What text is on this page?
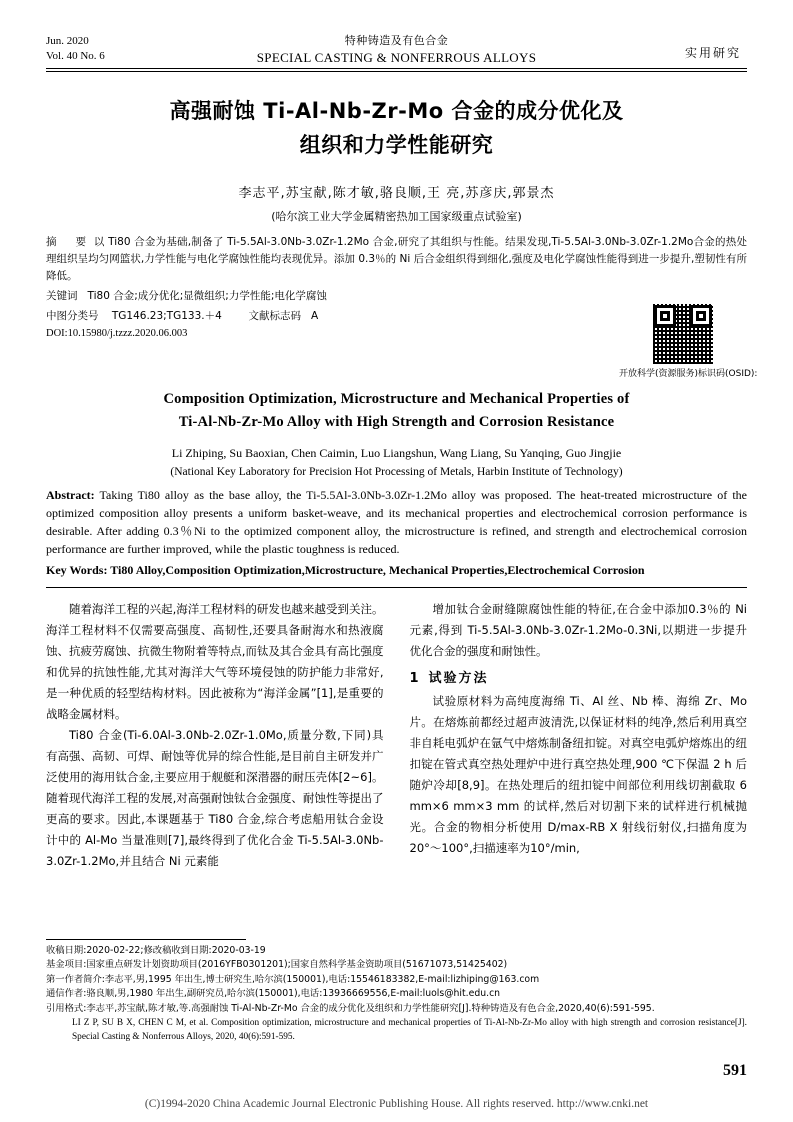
Jun. 2020
Vol. 40 No. 6
特种铸造及有色合金
SPECIAL CASTING & NONFERROUS ALLOYS	实用研究
高强耐蚀 Ti-Al-Nb-Zr-Mo 合金的成分优化及
组织和力学性能研究
李志平,苏宝献,陈才敏,骆良顺,王 亮,苏彦庆,郭景杰
(哈尔滨工业大学金属精密热加工国家级重点试验室)
摘　要 以 Ti80 合金为基础,制备了 Ti-5.5Al-3.0Nb-3.0Zr-1.2Mo 合金,研究了其组织与性能。结果发现,Ti-5.5Al-3.0Nb-3.0Zr-1.2Mo合金的热处理组织呈均匀网篮状,力学性能与电化学腐蚀性能均表现优异。添加 0.3％的 Ni 后合金组织得到细化,强度及电化学腐蚀性能得到进一步提升,塑韧性有所降低。
关键词 Ti80 合金;成分优化;显微组织;力学性能;电化学腐蚀
中图分类号 TG146.23;TG133.＋4	文献标志码 A
DOI:10.15980/j.tzzz.2020.06.003
开放科学(资源服务)标识码(OSID):
Composition Optimization, Microstructure and Mechanical Properties of
Ti-Al-Nb-Zr-Mo Alloy with High Strength and Corrosion Resistance
Li Zhiping, Su Baoxian, Chen Caimin, Luo Liangshun, Wang Liang, Su Yanqing, Guo Jingjie
(National Key Laboratory for Precision Hot Processing of Metals, Harbin Institute of Technology)
Abstract: Taking Ti80 alloy as the base alloy, the Ti-5.5Al-3.0Nb-3.0Zr-1.2Mo alloy was proposed. The heat-treated microstructure of the optimized composition alloy presents a uniform basket-weave, and its mechanical properties and electrochemical corrosion performance is desirable. After adding 0.3％Ni to the optimized component alloy, the microstructure is refined, and strength and electrochemical corrosion performance are further improved, while the plastic toughness is reduced.
Key Words: Ti80 Alloy,Composition Optimization,Microstructure, Mechanical Properties,Electrochemical Corrosion

随着海洋工程的兴起,海洋工程材料的研发也越来越受到关注。海洋工程材料不仅需要高强度、高韧性,还要具备耐海水和热液腐蚀、抗疲劳腐蚀、抗微生物附着等特点,而钛及其合金具有高比强度和优异的抗蚀性能,尤其对海洋大气等环境侵蚀的防护能力非常好,是一种优质的轻型结构材料。因此被称为“海洋金属”[1],是重要的战略金属材料。

Ti80 合金(Ti-6.0Al-3.0Nb-2.0Zr-1.0Mo,质量分数,下同)具有高强、高韧、可焊、耐蚀等优异的综合性能,是目前自主研发并广泛使用的海用钛合金,主要应用于舰艇和深潜器的耐压壳体[2~6]。随着现代海洋工程的发展,对高强耐蚀钛合金强度、耐蚀性等提出了更高的要求。因此,本课题基于 Ti80 合金,综合考虑船用钛合金设计中的 Al-Mo 当量准则[7],最终得到了优化合金 Ti-5.5Al-3.0Nb-3.0Zr-1.2Mo,并且结合 Ni 元素能

增加钛合金耐缝隙腐蚀性能的特征,在合金中添加0.3％的 Ni 元素,得到 Ti-5.5Al-3.0Nb-3.0Zr-1.2Mo-0.3Ni,以期进一步提升优化合金的强度和耐蚀性。

1 试验方法

试验原材料为高纯度海绵 Ti、Al 丝、Nb 棒、海绵 Zr、Mo 片。在熔炼前都经过超声波清洗,以保证材料的纯净,然后利用真空非自耗电弧炉在氩气中熔炼制备纽扣锭。对真空电弧炉熔炼出的纽扣锭在管式真空热处理炉中进行真空热处理,900 ℃下保温 2 h 后随炉冷却[8,9]。在热处理后的纽扣锭中间部位利用线切割截取 6 mm×6 mm×3 mm 的试样,然后对切割下来的试样进行机械抛光。合金的物相分析使用 D/max-RB X 射线衍射仪,扫描角度为 20°～100°,扫描速率为10°/min,

收稿日期:2020-02-22;修改稿收到日期:2020-03-19
基金项目:国家重点研发计划资助项目(2016YFB0301201);国家自然科学基金资助项目(51671073,51425402)
第一作者简介:李志平,男,1995 年出生,博士研究生,哈尔滨(150001),电话:15546183382,E-mail:lizhiping@163.com
通信作者:骆良顺,男,1980 年出生,副研究员,哈尔滨(150001),电话:13936669556,E-mail:luols@hit.edu.cn
引用格式:李志平,苏宝献,陈才敏,等.高强耐蚀 Ti-Al-Nb-Zr-Mo 合金的成分优化及组织和力学性能研究[J].特种铸造及有色合金,2020,40(6):591-595.
LI Z P, SU B X, CHEN C M, et al. Composition optimization, microstructure and mechanical properties of Ti-Al-Nb-Zr-Mo alloy with high strength and corrosion resistance[J]. Special Casting & Nonferrous Alloys, 2020, 40(6):591-595.
591
(C)1994-2020 China Academic Journal Electronic Publishing House. All rights reserved. http://www.cnki.net
